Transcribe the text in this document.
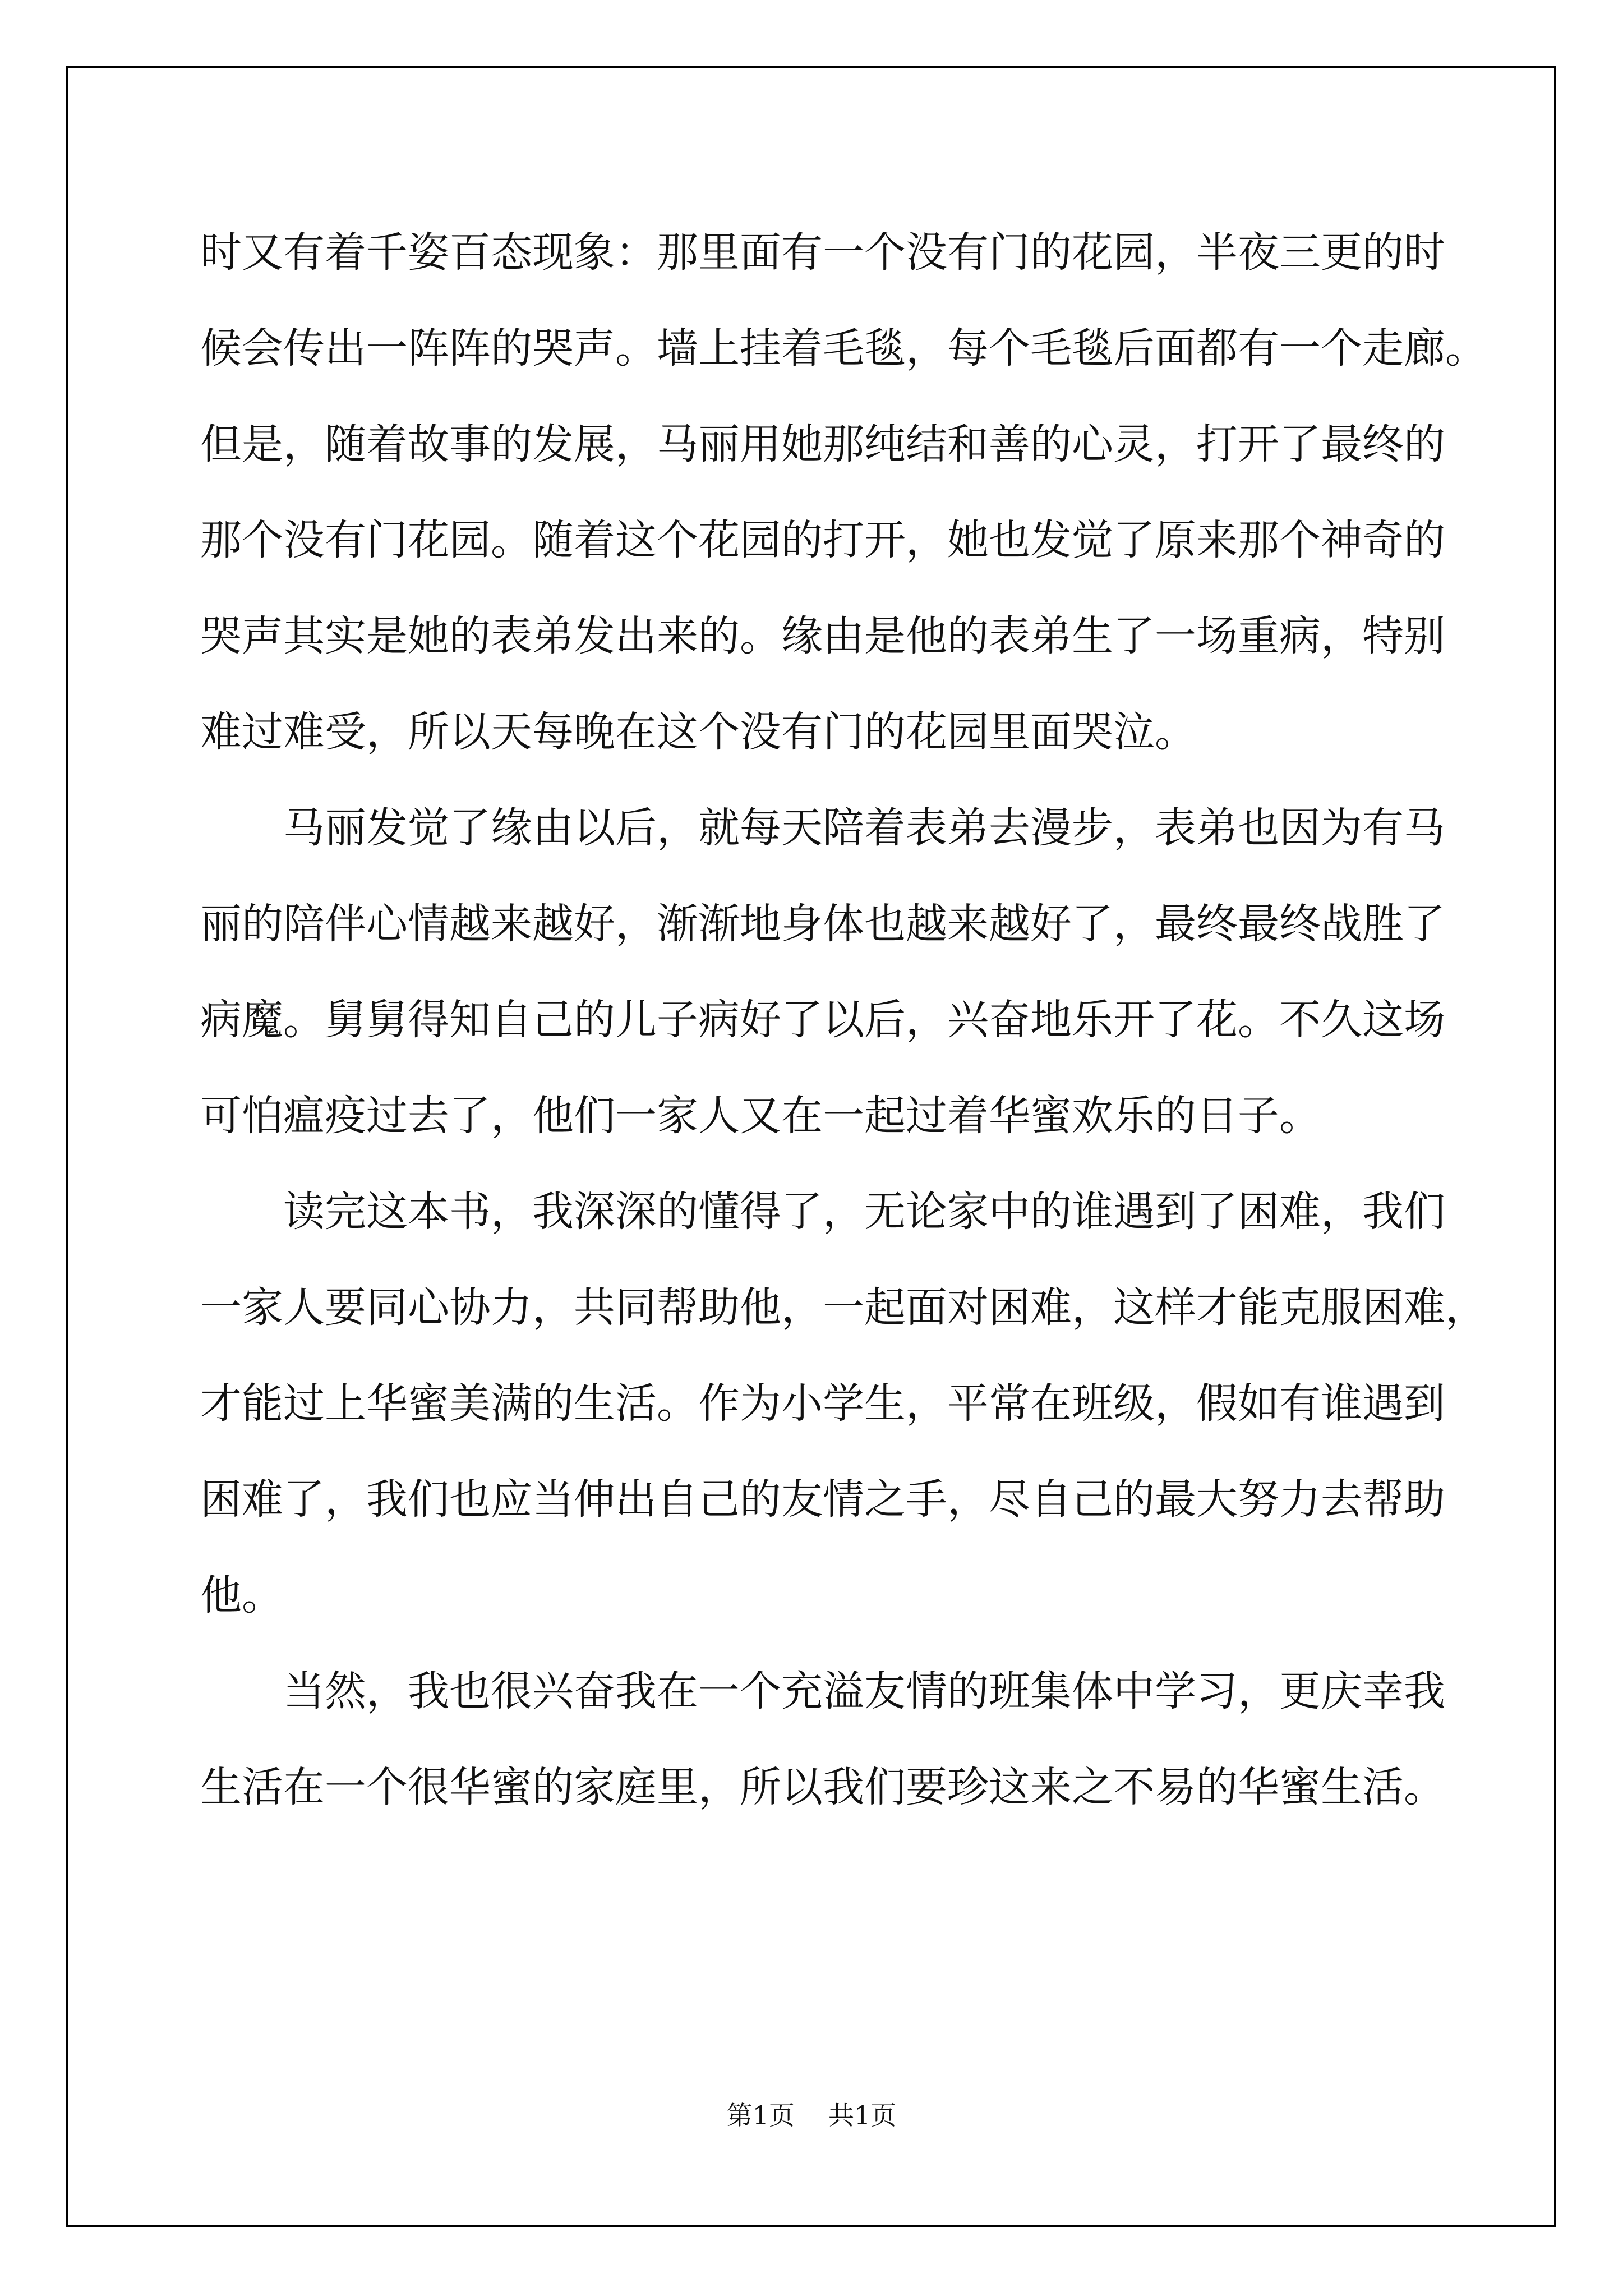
时又有着千姿百态现象：那里面有一个没有门的花园，半夜三更的时
候会传出一阵阵的哭声。墙上挂着毛毯，每个毛毯后面都有一个走廊。
但是，随着故事的发展，马丽用她那纯结和善的心灵，打开了最终的
那个没有门花园。随着这个花园的打开，她也发觉了原来那个神奇的
哭声其实是她的表弟发出来的。缘由是他的表弟生了一场重病，特别
难过难受，所以天每晚在这个没有门的花园里面哭泣。
马丽发觉了缘由以后，就每天陪着表弟去漫步，表弟也因为有马
丽的陪伴心情越来越好，渐渐地身体也越来越好了，最终最终战胜了
病魔。舅舅得知自己的儿子病好了以后，兴奋地乐开了花。不久这场
可怕瘟疫过去了，他们一家人又在一起过着华蜜欢乐的日子。
读完这本书，我深深的懂得了，无论家中的谁遇到了困难，我们
一家人要同心协力，共同帮助他，一起面对困难，这样才能克服困难，
才能过上华蜜美满的生活。作为小学生，平常在班级，假如有谁遇到
困难了，我们也应当伸出自己的友情之手，尽自己的最大努力去帮助
他。
当然，我也很兴奋我在一个充溢友情的班集体中学习，更庆幸我
生活在一个很华蜜的家庭里，所以我们要珍这来之不易的华蜜生活。
第1页 共1页
